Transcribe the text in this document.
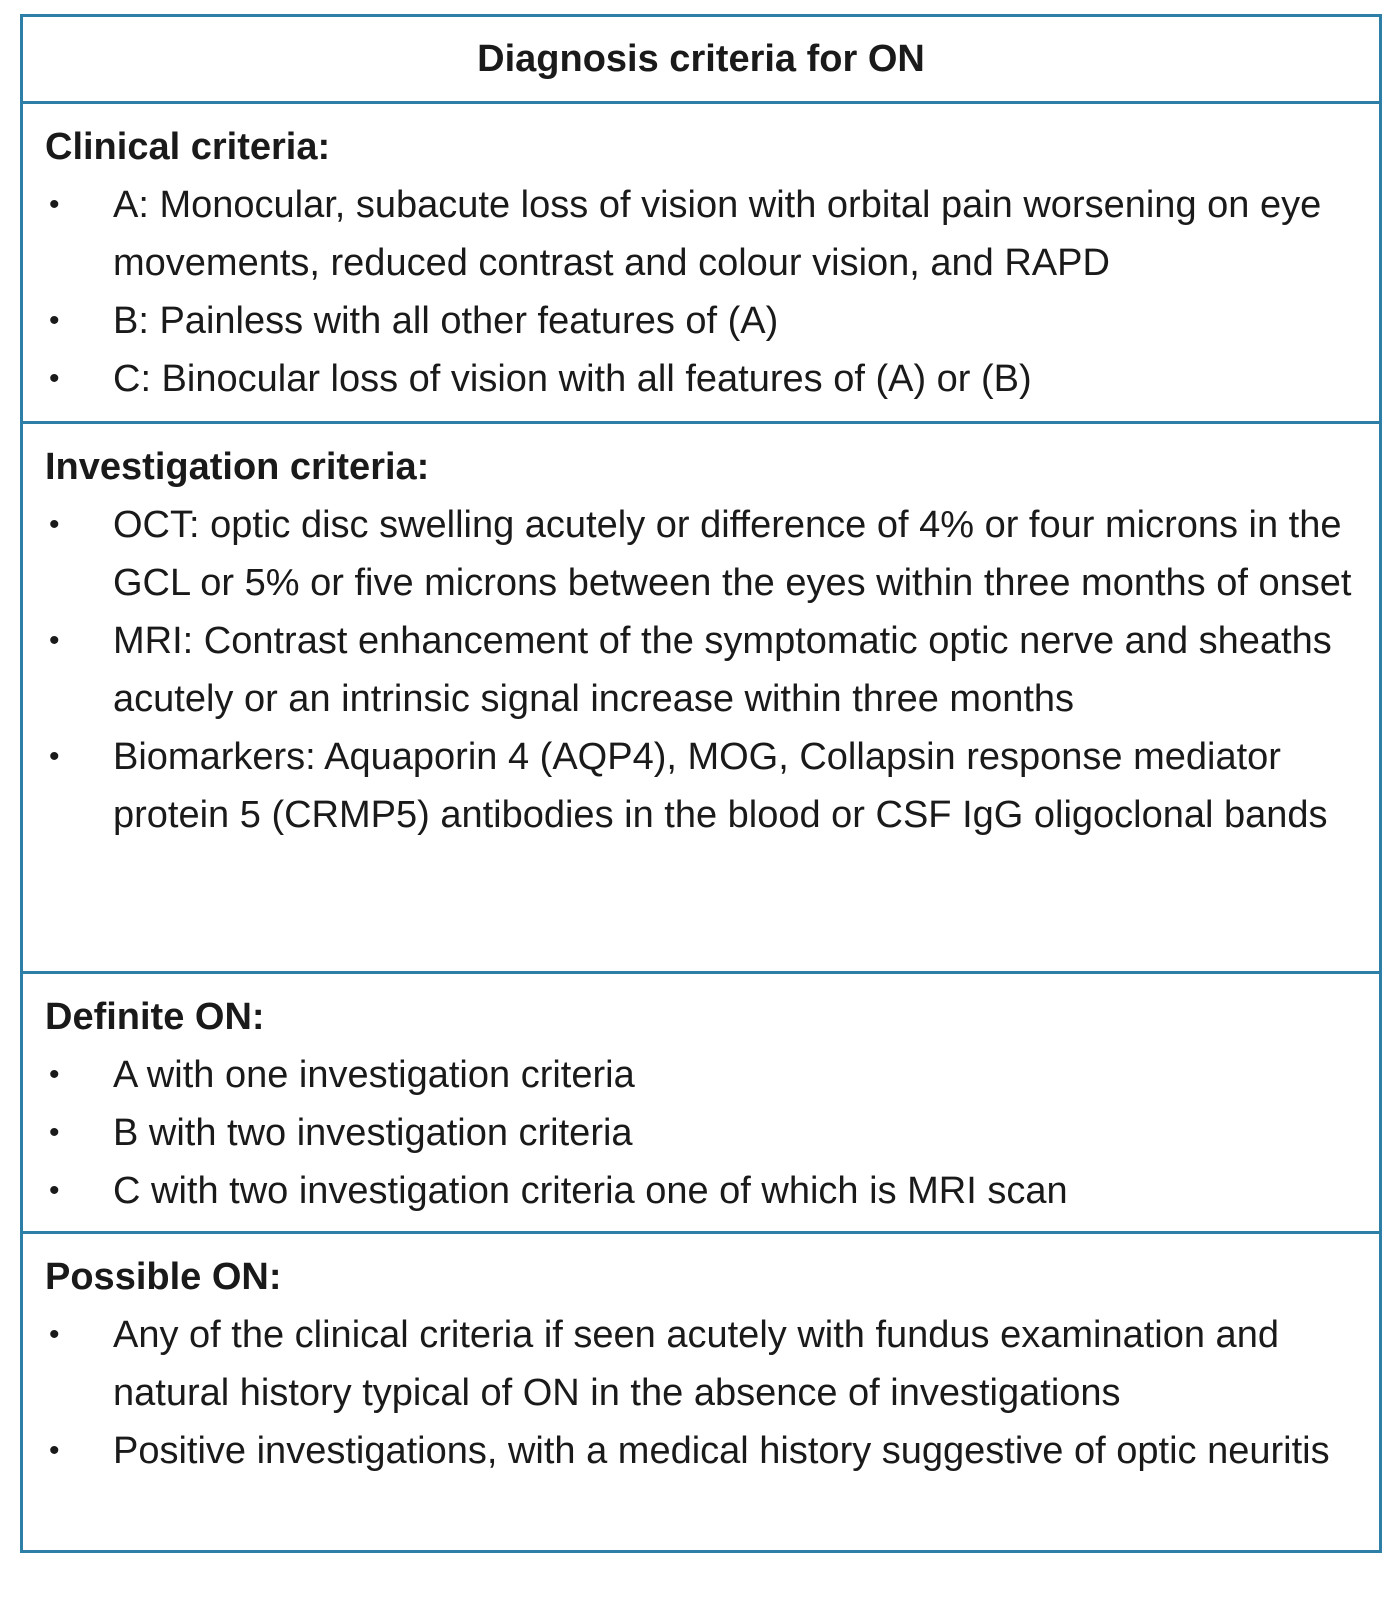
Diagnosis criteria for ON
Clinical criteria:
• A: Monocular, subacute loss of vision with orbital pain worsening on eye movements, reduced contrast and colour vision, and RAPD
• B: Painless with all other features of (A)
• C: Binocular loss of vision with all features of (A) or (B)
Investigation criteria:
• OCT: optic disc swelling acutely or difference of 4% or four microns in the GCL or 5% or five microns between the eyes within three months of onset
• MRI: Contrast enhancement of the symptomatic optic nerve and sheaths acutely or an intrinsic signal increase within three months
• Biomarkers: Aquaporin 4 (AQP4), MOG, Collapsin response mediator protein 5 (CRMP5) antibodies in the blood or CSF IgG oligoclonal bands
Definite ON:
• A with one investigation criteria
• B with two investigation criteria
• C with two investigation criteria one of which is MRI scan
Possible ON:
• Any of the clinical criteria if seen acutely with fundus examination and natural history typical of ON in the absence of investigations
• Positive investigations, with a medical history suggestive of optic neuritis
